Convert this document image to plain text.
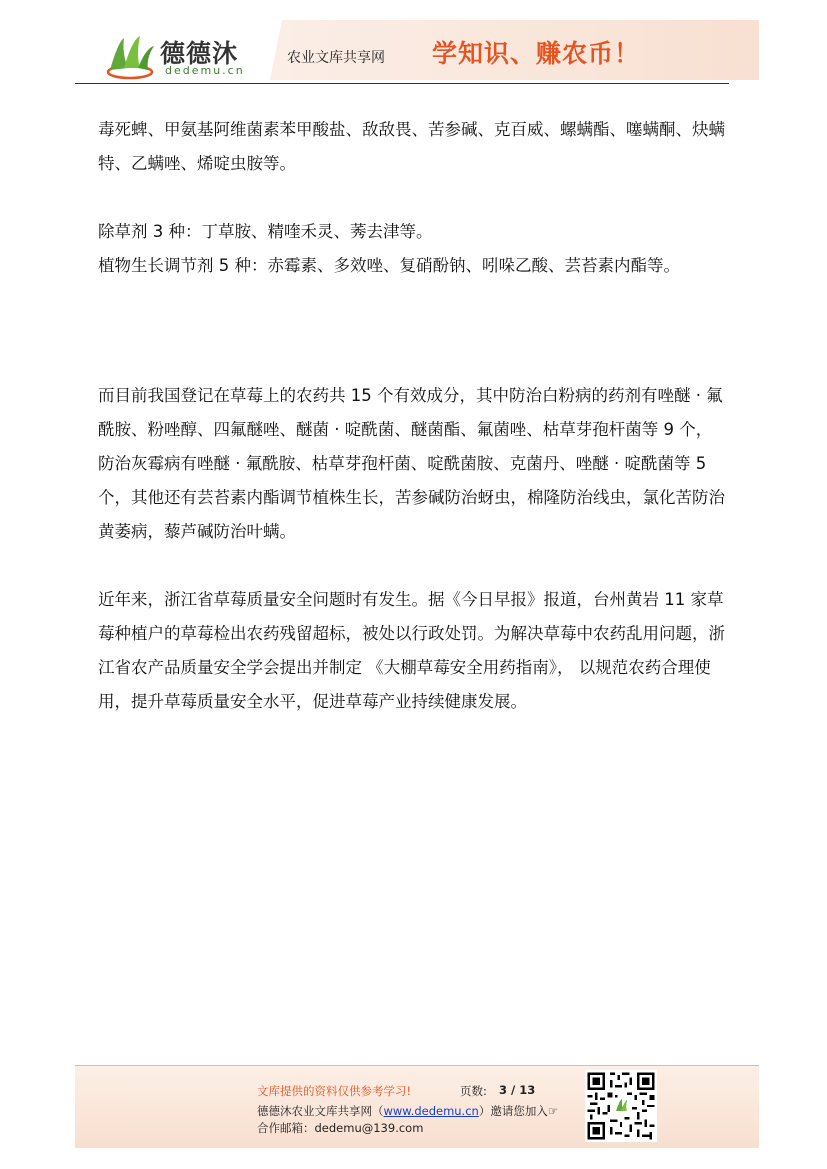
德德沐
dedemu.cn
农业文库共享网 学知识、赚农币！

毒死蜱、甲氨基阿维菌素苯甲酸盐、敌敌畏、苦参碱、克百威、螺螨酯、噻螨酮、炔螨特、乙螨唑、烯啶虫胺等。

除草剂 3 种：丁草胺、精喹禾灵、莠去津等。

植物生长调节剂 5 种：赤霉素、多效唑、复硝酚钠、吲哚乙酸、芸苔素内酯等。

而目前我国登记在草莓上的农药共 15 个有效成分，其中防治白粉病的药剂有唑醚 · 氟酰胺、粉唑醇、四氟醚唑、醚菌 · 啶酰菌、醚菌酯、氟菌唑、枯草芽孢杆菌等 9 个，防治灰霉病有唑醚 · 氟酰胺、枯草芽孢杆菌、啶酰菌胺、克菌丹、唑醚 · 啶酰菌等 5 个，其他还有芸苔素内酯调节植株生长，苦参碱防治蚜虫，棉隆防治线虫，氯化苦防治黄萎病，藜芦碱防治叶螨。

近年来，浙江省草莓质量安全问题时有发生。据《今日早报》报道，台州黄岩 11 家草莓种植户的草莓检出农药残留超标，被处以行政处罚。为解决草莓中农药乱用问题，浙江省农产品质量安全学会提出并制定 《大棚草莓安全用药指南》， 以规范农药合理使用，提升草莓质量安全水平，促进草莓产业持续健康发展。

文库提供的资料仅供参考学习!	页数: 3 / 13
德德沐农业文库共享网（www.dedemu.cn）邀请您加入☞
合作邮箱：dedemu@139.com
